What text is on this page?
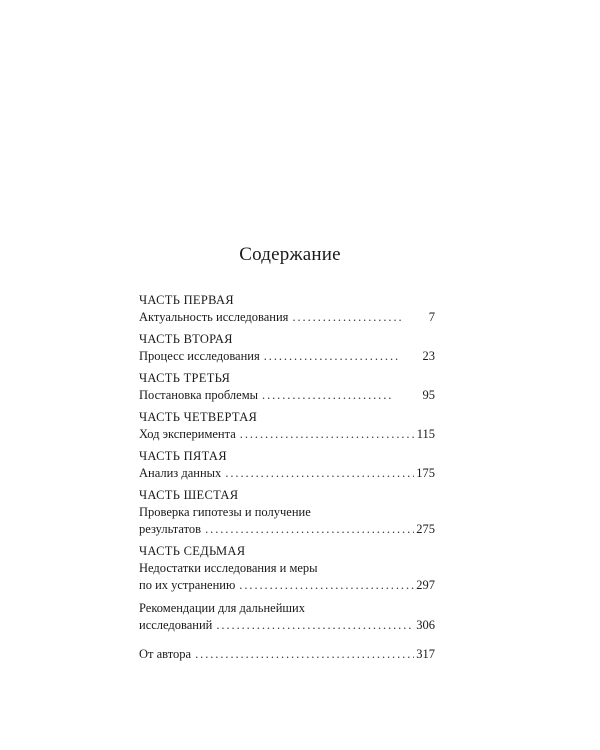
Содержание
ЧАСТЬ ПЕРВАЯ
Актуальность исследования . . .	7
ЧАСТЬ ВТОРАЯ
Процесс исследования . . .	23
ЧАСТЬ ТРЕТЬЯ
Постановка проблемы . . .	95
ЧАСТЬ ЧЕТВЕРТАЯ
Ход эксперимента . . .	115
ЧАСТЬ ПЯТАЯ
Анализ данных . . .	175
ЧАСТЬ ШЕСТАЯ
Проверка гипотезы и получение
результатов . . .	275
ЧАСТЬ СЕДЬМАЯ
Недостатки исследования и меры
по их устранению . . .	297
Рекомендации для дальнейших
исследований . . .	306
От автора . . .	317
